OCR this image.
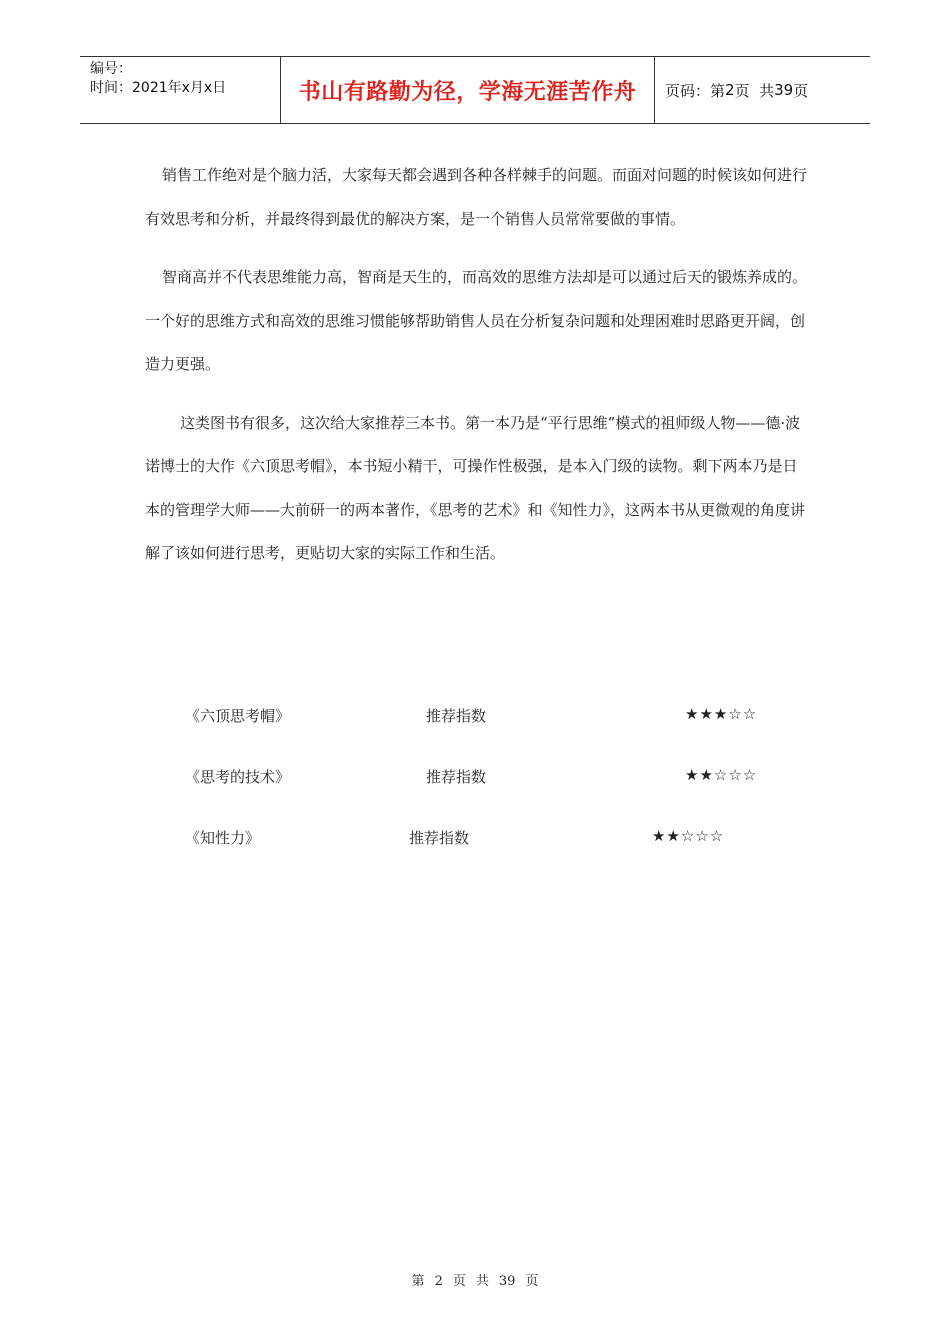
编号：
时间：2021年x月x日	书山有路勤为径，学海无涯苦作舟	页码：第 2 页  共 39 页

销售工作绝对是个脑力活，大家每天都会遇到各种各样棘手的问题。而面对问题的时候该如何进行有效思考和分析，并最终得到最优的解决方案，是一个销售人员常常要做的事情。

智商高并不代表思维能力高，智商是天生的，而高效的思维方法却是可以通过后天的锻炼养成的。一个好的思维方式和高效的思维习惯能够帮助销售人员在分析复杂问题和处理困难时思路更开阔，创造力更强。

这类图书有很多，这次给大家推荐三本书。第一本乃是“平行思维”模式的祖师级人物——德·波诺博士的大作《六顶思考帽》，本书短小精干，可操作性极强，是本入门级的读物。剩下两本乃是日本的管理学大师——大前研一的两本著作，《思考的艺术》和《知性力》，这两本书从更微观的角度讲解了该如何进行思考，更贴切大家的实际工作和生活。

《六顶思考帽》	推荐指数	★★★☆☆
《思考的技术》	推荐指数	★★☆☆☆
《知性力》	推荐指数	★★☆☆☆
第 2 页 共 39 页
